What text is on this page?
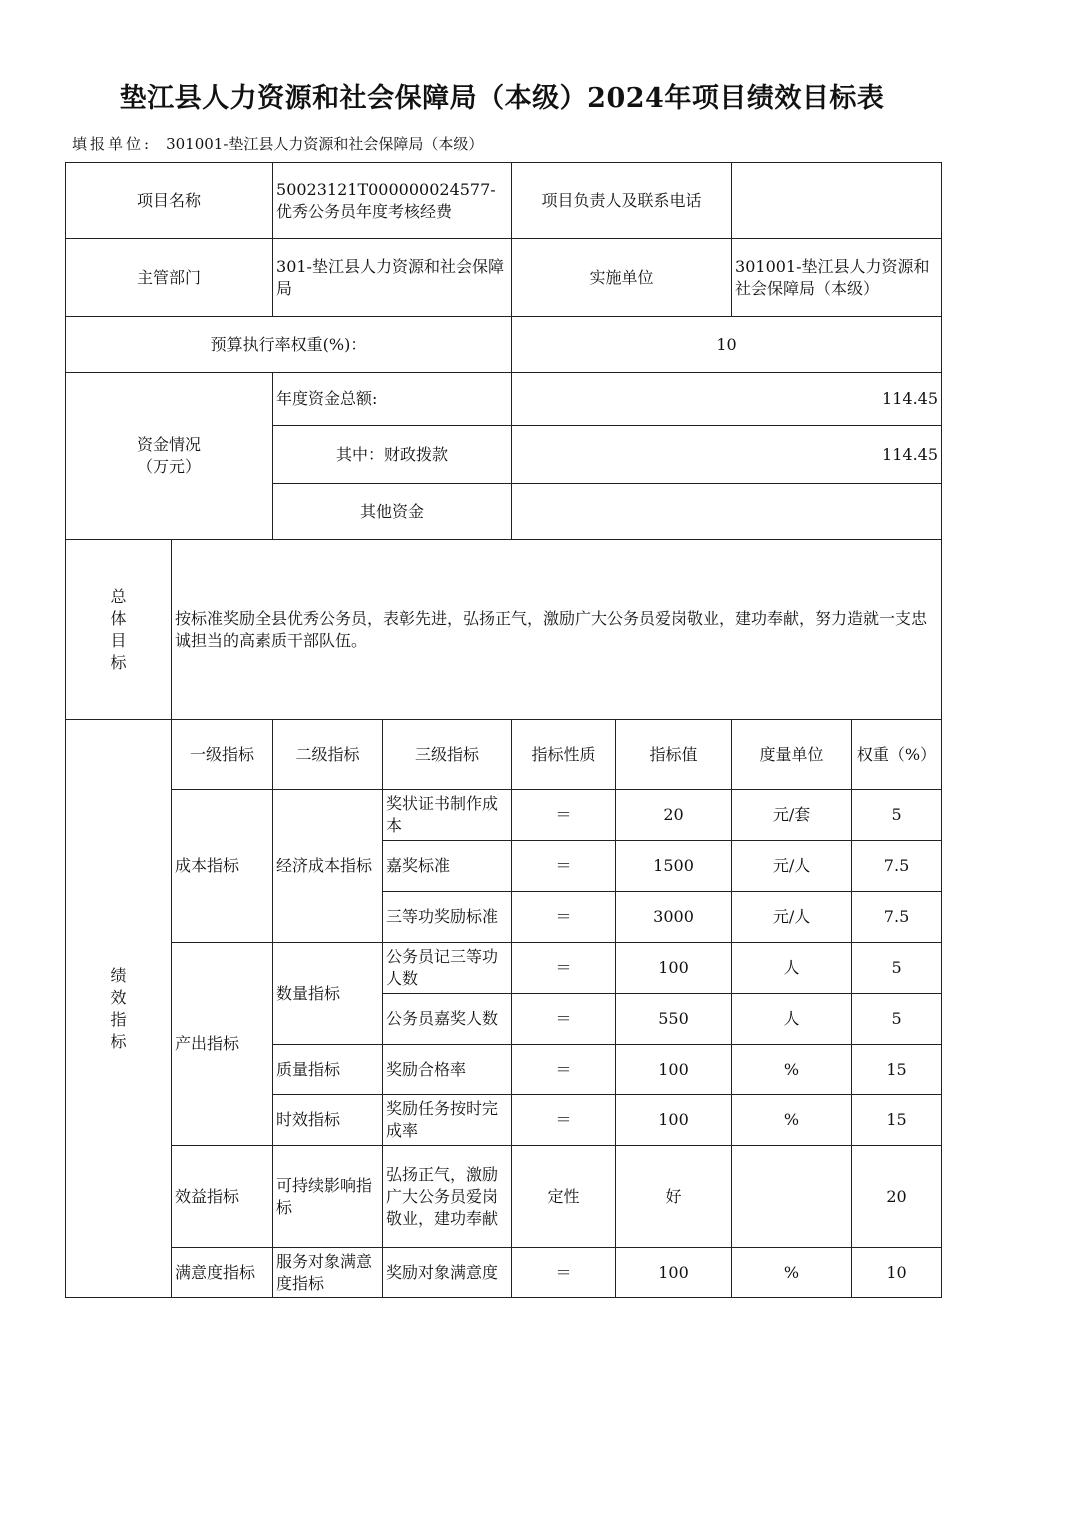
垫江县人力资源和社会保障局（本级）2024年项目绩效目标表
填报单位: 301001-垫江县人力资源和社会保障局（本级）
项目名称		50023121T000000024577-优秀公务员年度考核经费		项目负责人及联系电话			
主管部门		301-垫江县人力资源和社会保障局		实施单位		301001-垫江县人力资源和社会保障局（本级）	
预算执行率权重(%)：				10			

资金情况
（万元）		年度资金总额:		114.45			
		其中：财政拨款		114.45			
		其他资金					

总
体
目
标	按标准奖励全县优秀公务员，表彰先进，弘扬正气，激励广大公务员爱岗敬业，建功奉献，努力造就一支忠诚担当的高素质干部队伍。						

绩
效
指
标	一级指标	二级指标	三级指标	指标性质	指标值	度量单位	权重（%）
	成本指标	经济成本指标	奖状证书制作成本	＝	20	元/套	5
			嘉奖标准	＝	1500	元/人	7.5
			三等功奖励标准	＝	3000	元/人	7.5
	产出指标	数量指标	公务员记三等功人数	＝	100	人	5
			公务员嘉奖人数	＝	550	人	5
		质量指标	奖励合格率	＝	100	%	15
		时效指标	奖励任务按时完成率	＝	100	%	15
	效益指标	可持续影响指标	弘扬正气，激励广大公务员爱岗敬业，建功奉献	定性	好		20
	满意度指标	服务对象满意度指标	奖励对象满意度	＝	100	%	10
